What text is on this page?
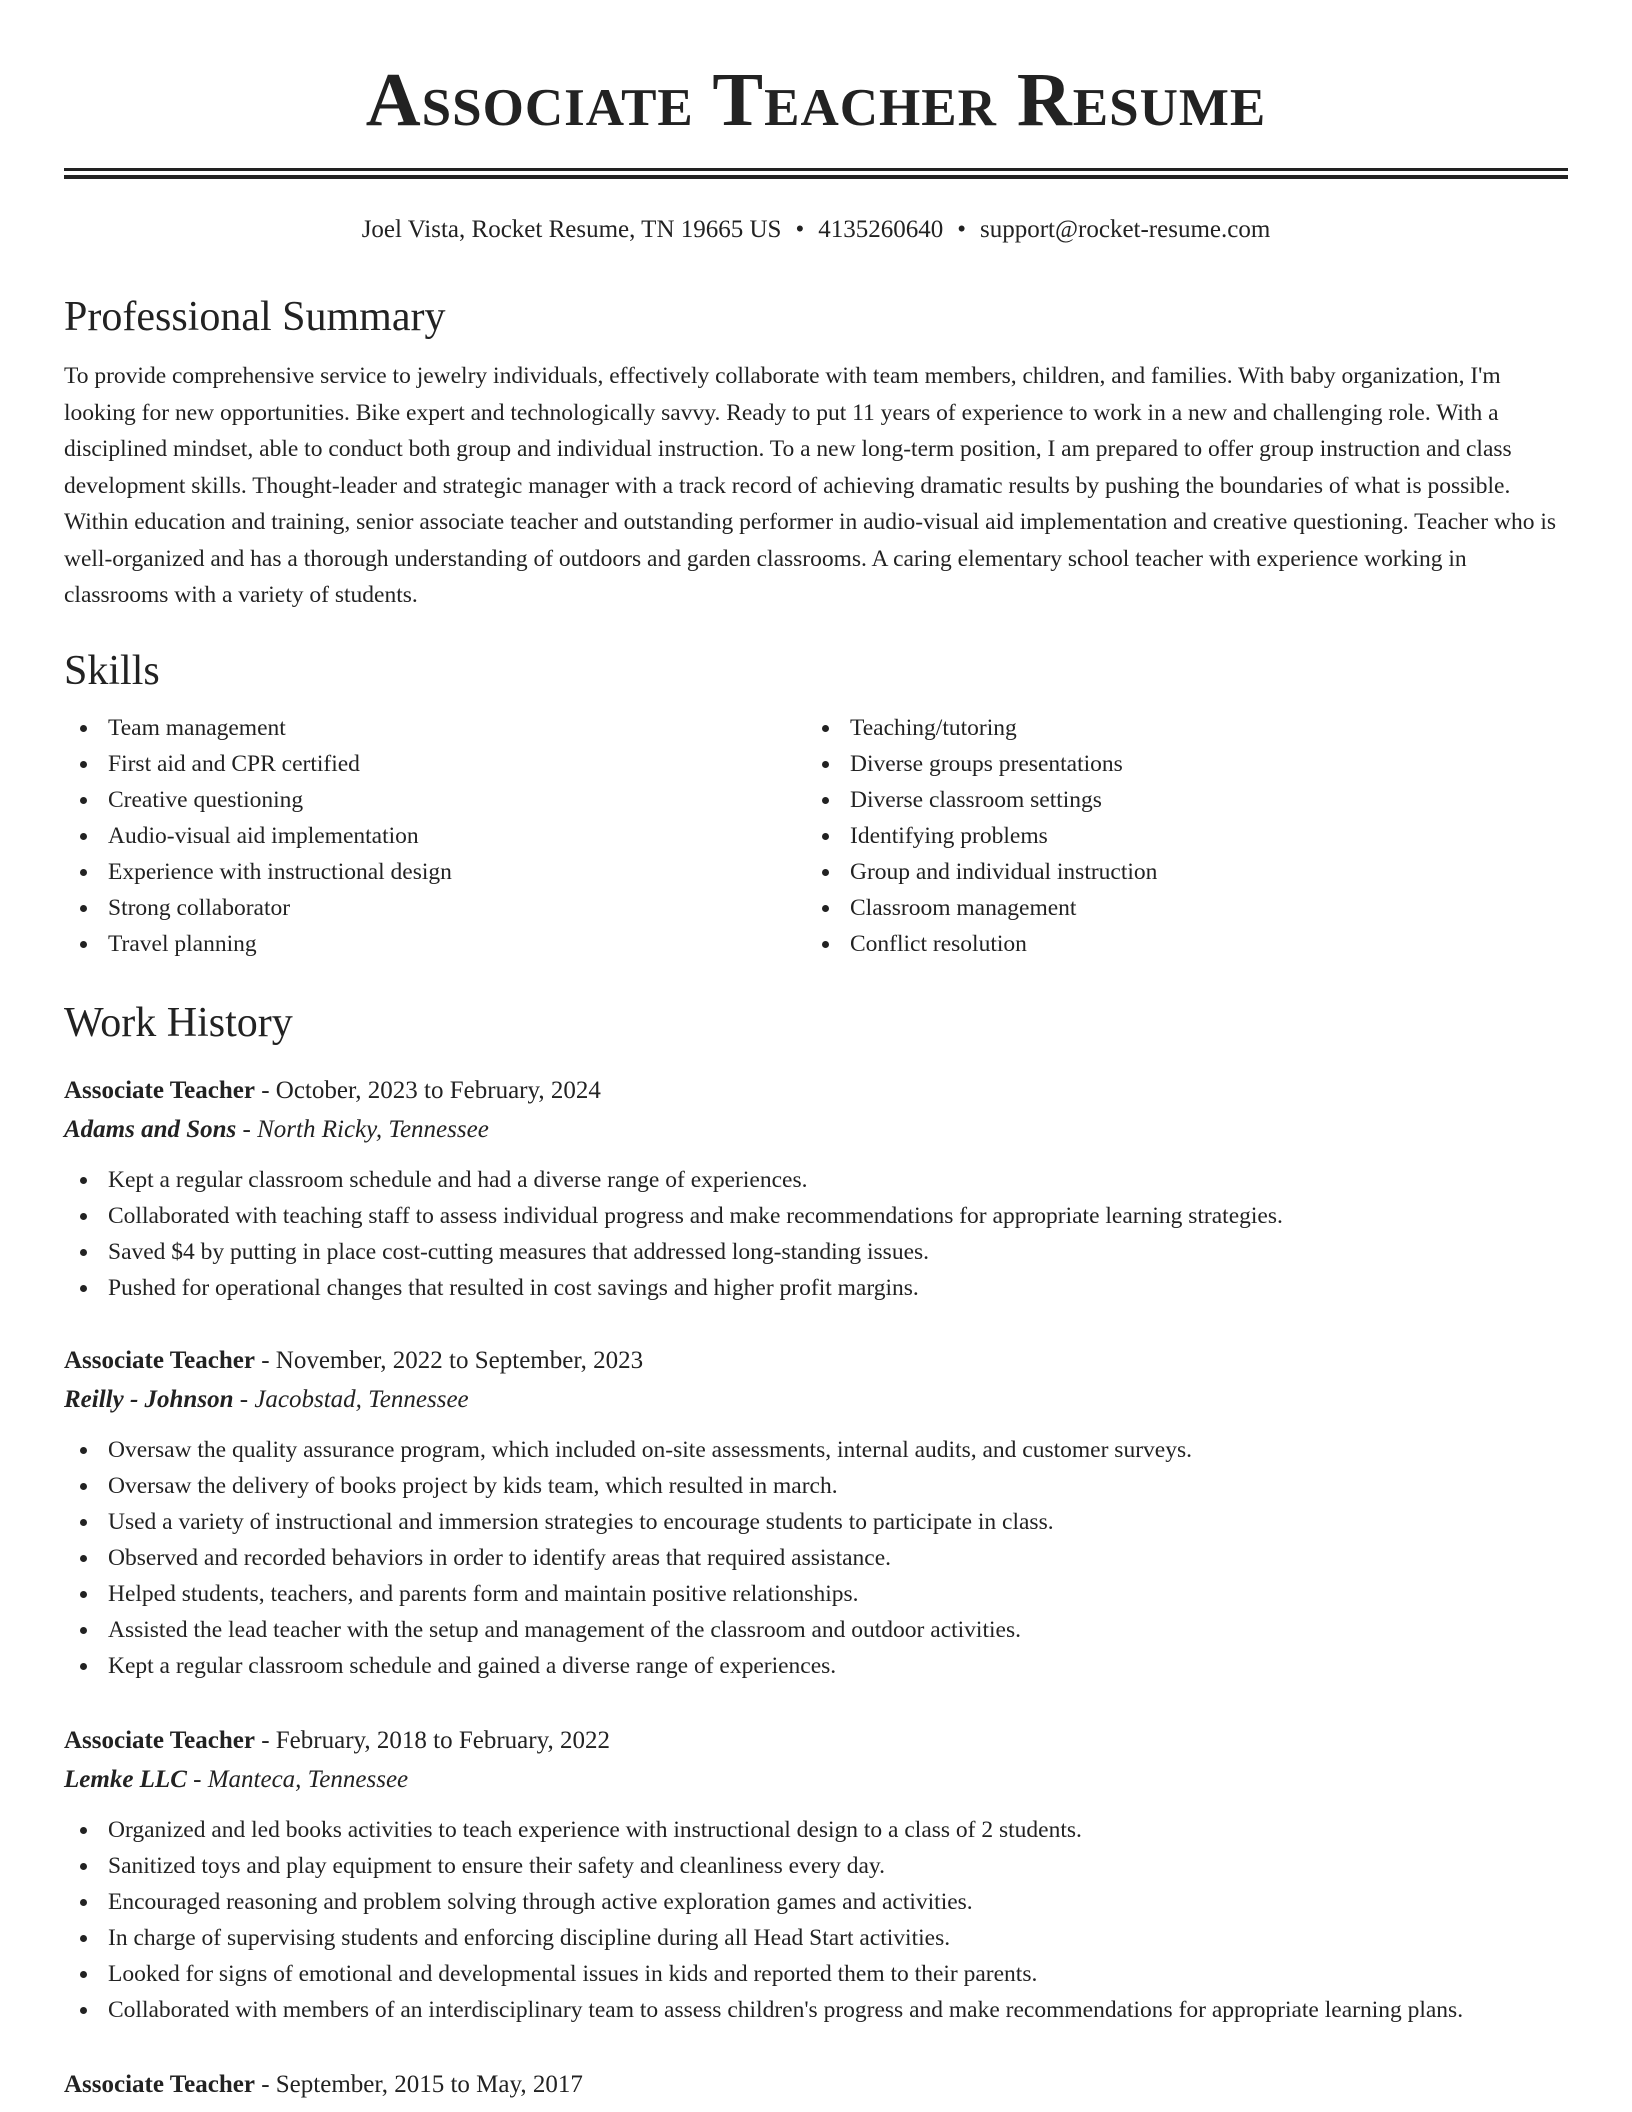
Associate Teacher Resume
Joel Vista, Rocket Resume, TN 19665 US • 4135260640 • support@rocket-resume.com
Professional Summary

To provide comprehensive service to jewelry individuals, effectively collaborate with team members, children, and families. With baby organization, I'm looking for new opportunities. Bike expert and technologically savvy. Ready to put 11 years of experience to work in a new and challenging role. With a disciplined mindset, able to conduct both group and individual instruction. To a new long-term position, I am prepared to offer group instruction and class development skills. Thought-leader and strategic manager with a track record of achieving dramatic results by pushing the boundaries of what is possible. Within education and training, senior associate teacher and outstanding performer in audio-visual aid implementation and creative questioning. Teacher who is well-organized and has a thorough understanding of outdoors and garden classrooms. A caring elementary school teacher with experience working in classrooms with a variety of students.

Skills
Team management
First aid and CPR certified
Creative questioning
Audio-visual aid implementation
Experience with instructional design
Strong collaborator
Travel planning
Teaching/tutoring
Diverse groups presentations
Diverse classroom settings
Identifying problems
Group and individual instruction
Classroom management
Conflict resolution
Work History
Associate Teacher - October, 2023 to February, 2024
Adams and Sons - North Ricky, Tennessee
Kept a regular classroom schedule and had a diverse range of experiences.
Collaborated with teaching staff to assess individual progress and make recommendations for appropriate learning strategies.
Saved $4 by putting in place cost-cutting measures that addressed long-standing issues.
Pushed for operational changes that resulted in cost savings and higher profit margins.
Associate Teacher - November, 2022 to September, 2023
Reilly - Johnson - Jacobstad, Tennessee
Oversaw the quality assurance program, which included on-site assessments, internal audits, and customer surveys.
Oversaw the delivery of books project by kids team, which resulted in march.
Used a variety of instructional and immersion strategies to encourage students to participate in class.
Observed and recorded behaviors in order to identify areas that required assistance.
Helped students, teachers, and parents form and maintain positive relationships.
Assisted the lead teacher with the setup and management of the classroom and outdoor activities.
Kept a regular classroom schedule and gained a diverse range of experiences.
Associate Teacher - February, 2018 to February, 2022
Lemke LLC - Manteca, Tennessee
Organized and led books activities to teach experience with instructional design to a class of 2 students.
Sanitized toys and play equipment to ensure their safety and cleanliness every day.
Encouraged reasoning and problem solving through active exploration games and activities.
In charge of supervising students and enforcing discipline during all Head Start activities.
Looked for signs of emotional and developmental issues in kids and reported them to their parents.
Collaborated with members of an interdisciplinary team to assess children's progress and make recommendations for appropriate learning plans.
Associate Teacher - September, 2015 to May, 2017
